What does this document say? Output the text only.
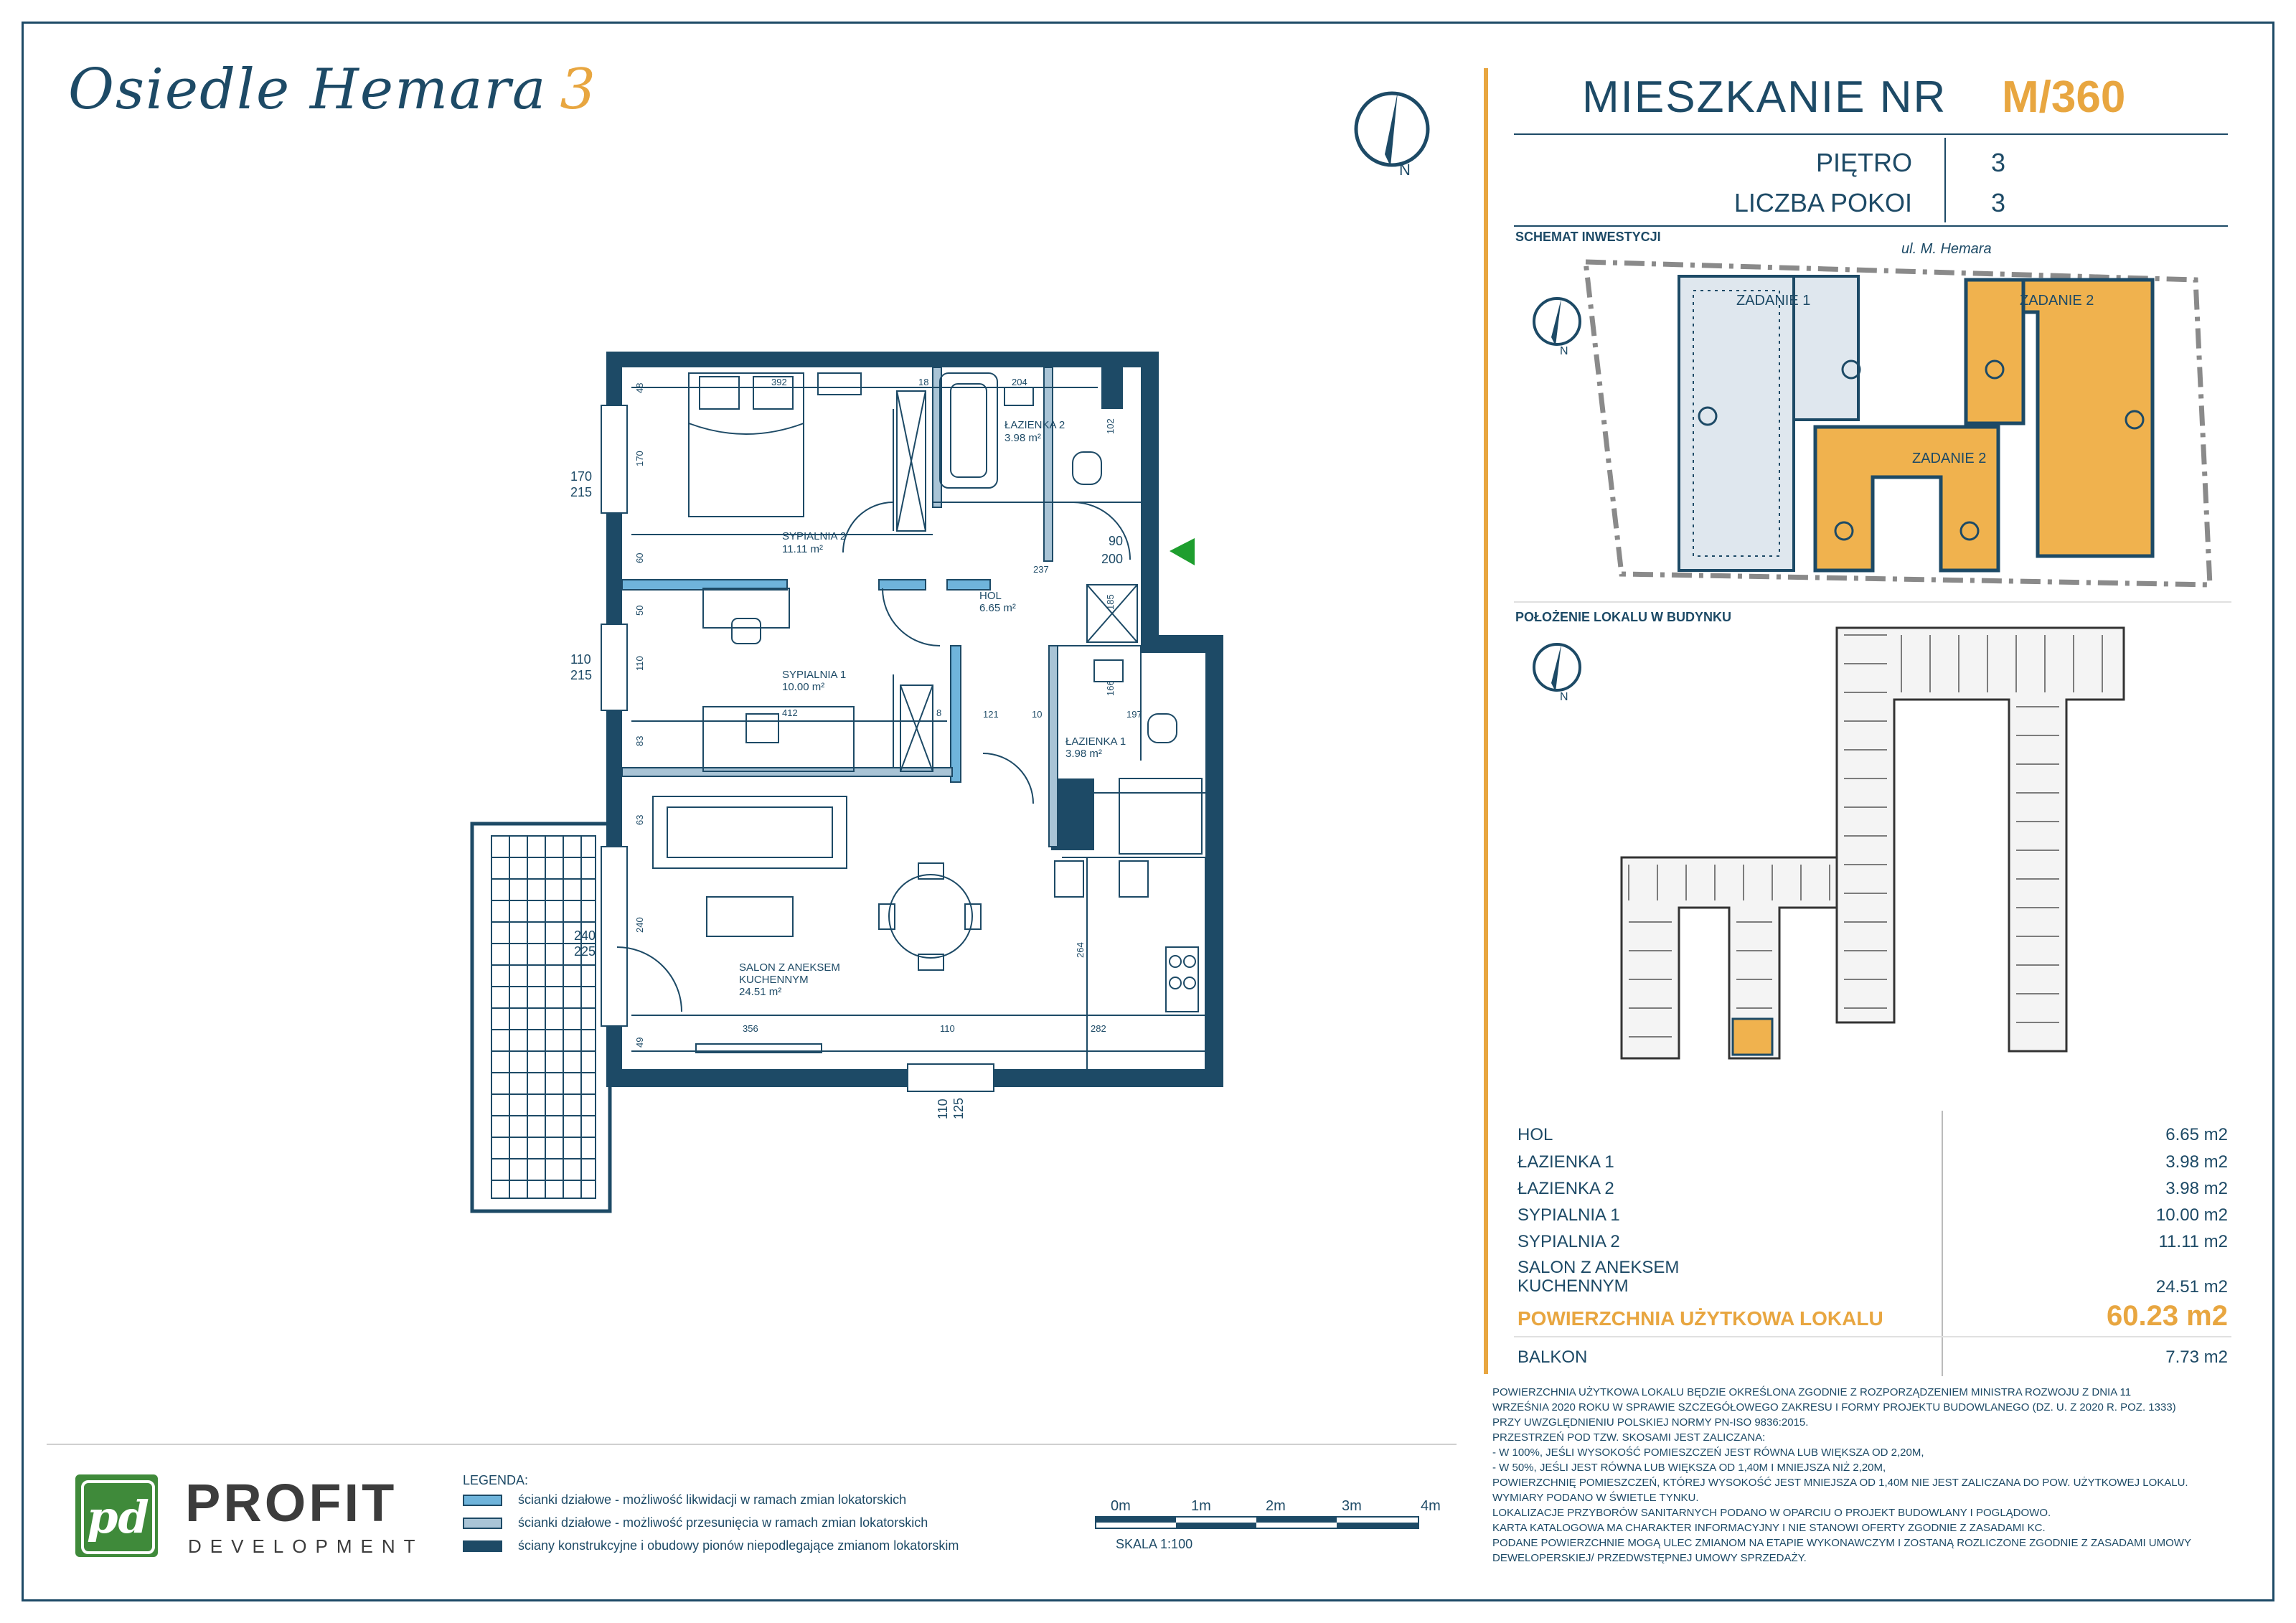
Osiedle Hemara 3
N
MIESZKANIE NR M/360
PIĘTRO	3
LICZBA POKOI	3
SCHEMAT INWESTYCJI
N
ul. M. Hemara
ZADANIE 1	ZADANIE 2
ZADANIE 2
POŁOŻENIE LOKALU W BUDYNKU
N
HOL	6.65 m2
ŁAZIENKA 1	3.98 m2
ŁAZIENKA 2	3.98 m2
SYPIALNIA 1	10.00 m2
SYPIALNIA 2	11.11 m2
SALON Z ANEKSEM KUCHENNYM	24.51 m2
POWIERZCHNIA UŻYTKOWA LOKALU	60.23 m2
BALKON	7.73 m2

POWIERZCHNIA UŻYTKOWA LOKALU BĘDZIE OKREŚLONA ZGODNIE Z ROZPORZĄDZENIEM MINISTRA ROZWOJU Z DNIA 11

WRZEŚNIA 2020 ROKU W SPRAWIE SZCZEGÓŁOWEGO ZAKRESU I FORMY PROJEKTU BUDOWLANEGO (DZ. U. Z 2020 R. POZ. 1333)

PRZY UWZGLĘDNIENIU POLSKIEJ NORMY PN-ISO 9836:2015.

PRZESTRZEŃ POD TZW. SKOSAMI JEST ZALICZANA:

- W 100%, JEŚLI WYSOKOŚĆ POMIESZCZEŃ JEST RÓWNA LUB WIĘKSZA OD 2,20M,

- W 50%, JEŚLI JEST RÓWNA LUB WIĘKSZA OD 1,40M I MNIEJSZA NIŻ 2,20M,

POWIERZCHNIĘ POMIESZCZEŃ, KTÓREJ WYSOKOŚĆ JEST MNIEJSZA OD 1,40M NIE JEST ZALICZANA DO POW. UŻYTKOWEJ LOKALU.

WYMIARY PODANO W ŚWIETLE TYNKU.

LOKALIZACJE PRZYBORÓW SANITARNYCH PODANO W OPARCIU O PROJEKT BUDOWLANY I POGLĄDOWO.

KARTA KATALOGOWA MA CHARAKTER INFORMACYJNY I NIE STANOWI OFERTY ZGODNIE Z ZASADAMI KC.

PODANE POWIERZCHNIE MOGĄ ULEC ZMIANOM NA ETAPIE WYKONAWCZYM I ZOSTANĄ ROZLICZONE ZGODNIE Z ZASADAMI UMOWY

DEWELOPERSKIEJ/ PRZEDWSTĘPNEJ UMOWY SPRZEDAŻY.

pd PROFIT
DEVELOPMENT
LEGENDA:
ścianki działowe - możliwość likwidacji w ramach zmian lokatorskich
ścianki działowe - możliwość przesunięcia w ramach zmian lokatorskich
ściany konstrukcyjne i obudowy pionów niepodlegające zmianom lokatorskim
0m	1m	2m	3m	4m
SKALA 1:100
SYPIALNIA 2
11.11 m²
ŁAZIENKA 2
3.98 m²
HOL
6.65 m²
SYPIALNIA 1
10.00 m²
ŁAZIENKA 1
3.98 m²
SALON Z ANEKSEM
KUCHENNYM
24.51 m²
392	18	204
237
121	10	197
412	8
356	110	282
90
200
170
215
110
215
240
225
48
170
60
50
110
83
63
240
49
102
166
185
264
110 125
